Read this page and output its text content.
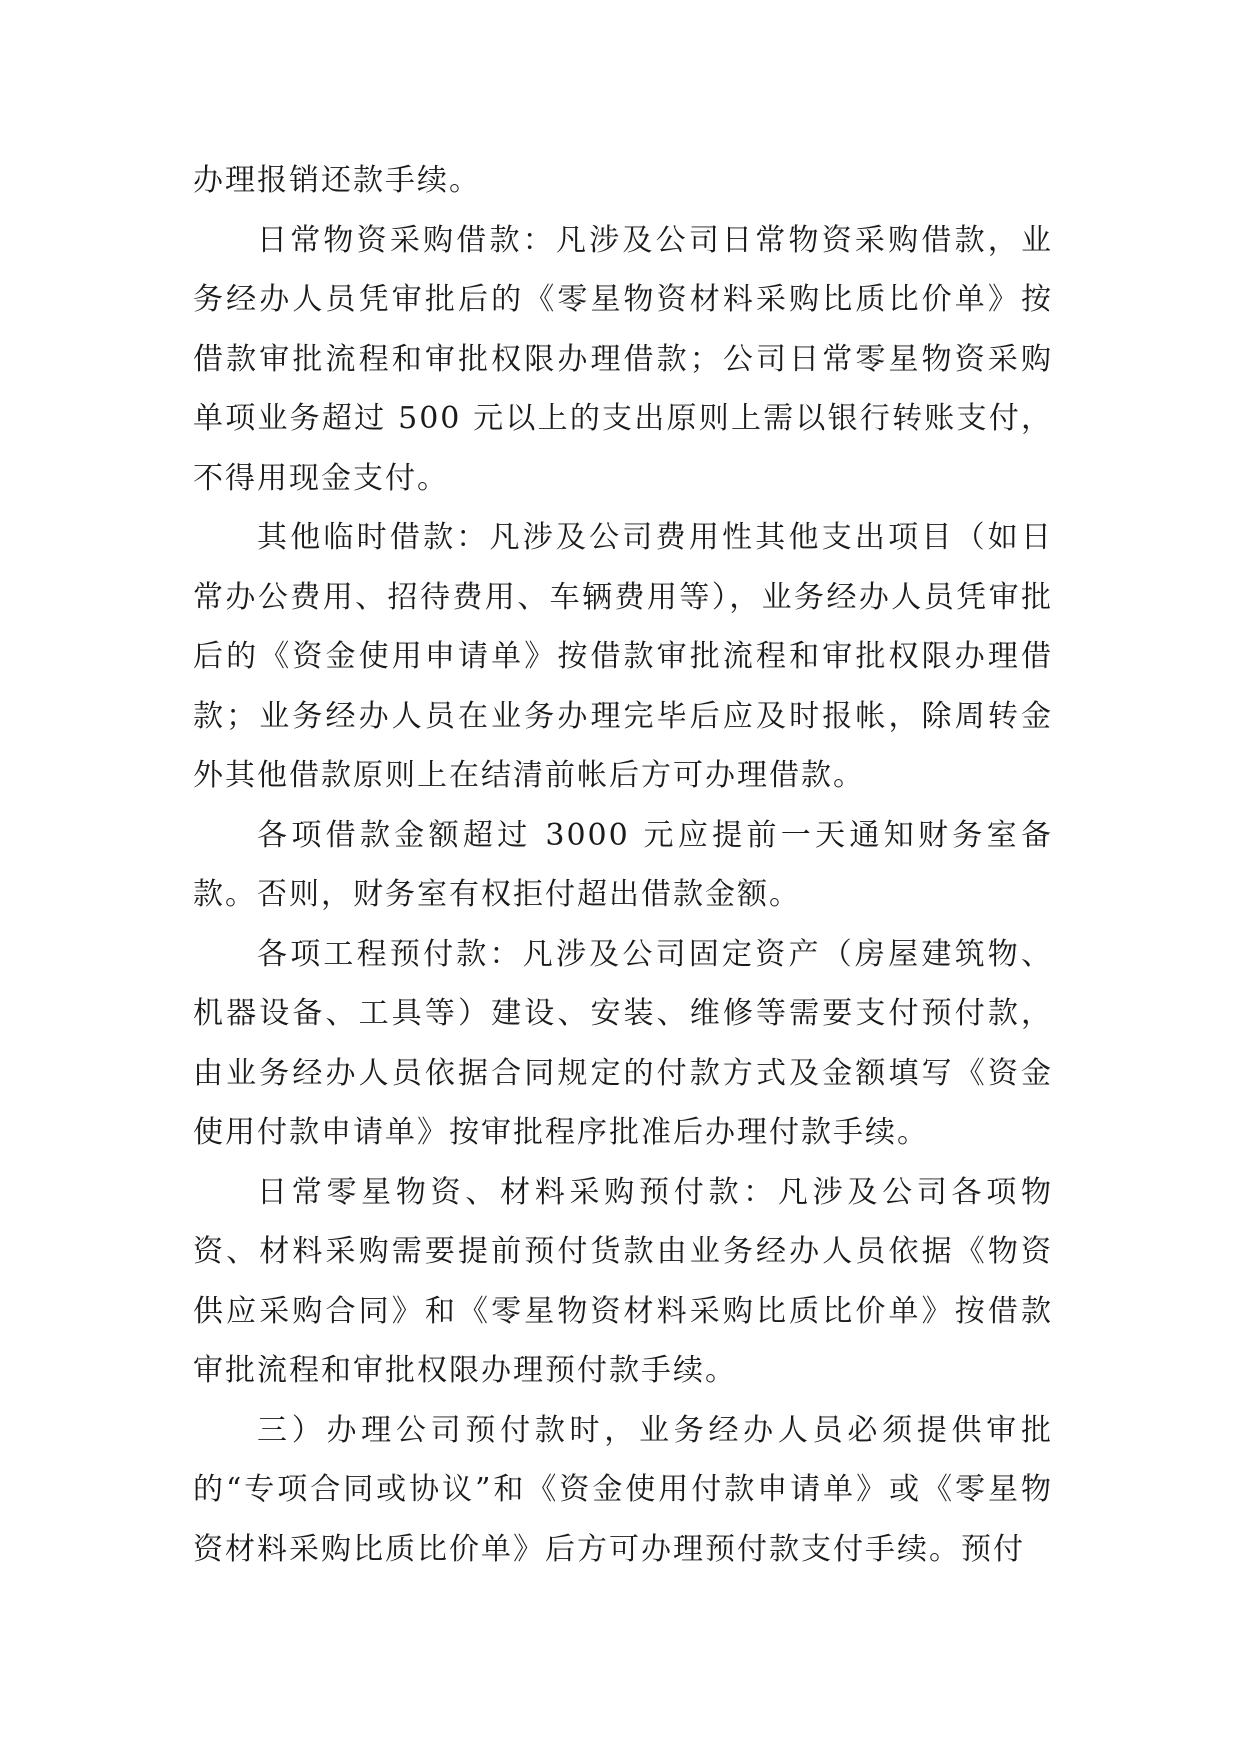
办理报销还款手续。

日常物资采购借款：凡涉及公司日常物资采购借款，业务经办人员凭审批后的《零星物资材料采购比质比价单》按借款审批流程和审批权限办理借款；公司日常零星物资采购单项业务超过 500 元以上的支出原则上需以银行转账支付，不得用现金支付。

其他临时借款：凡涉及公司费用性其他支出项目（如日常办公费用、招待费用、车辆费用等），业务经办人员凭审批后的《资金使用申请单》按借款审批流程和审批权限办理借款；业务经办人员在业务办理完毕后应及时报帐，除周转金外其他借款原则上在结清前帐后方可办理借款。

各项借款金额超过 3000 元应提前一天通知财务室备款。否则，财务室有权拒付超出借款金额。

各项工程预付款：凡涉及公司固定资产（房屋建筑物、机器设备、工具等）建设、安装、维修等需要支付预付款，由业务经办人员依据合同规定的付款方式及金额填写《资金使用付款申请单》按审批程序批准后办理付款手续。

日常零星物资、材料采购预付款：凡涉及公司各项物资、材料采购需要提前预付货款由业务经办人员依据《物资供应采购合同》和《零星物资材料采购比质比价单》按借款审批流程和审批权限办理预付款手续。

三）办理公司预付款时，业务经办人员必须提供审批的“专项合同或协议”和《资金使用付款申请单》或《零星物资材料采购比质比价单》后方可办理预付款支付手续。预付
